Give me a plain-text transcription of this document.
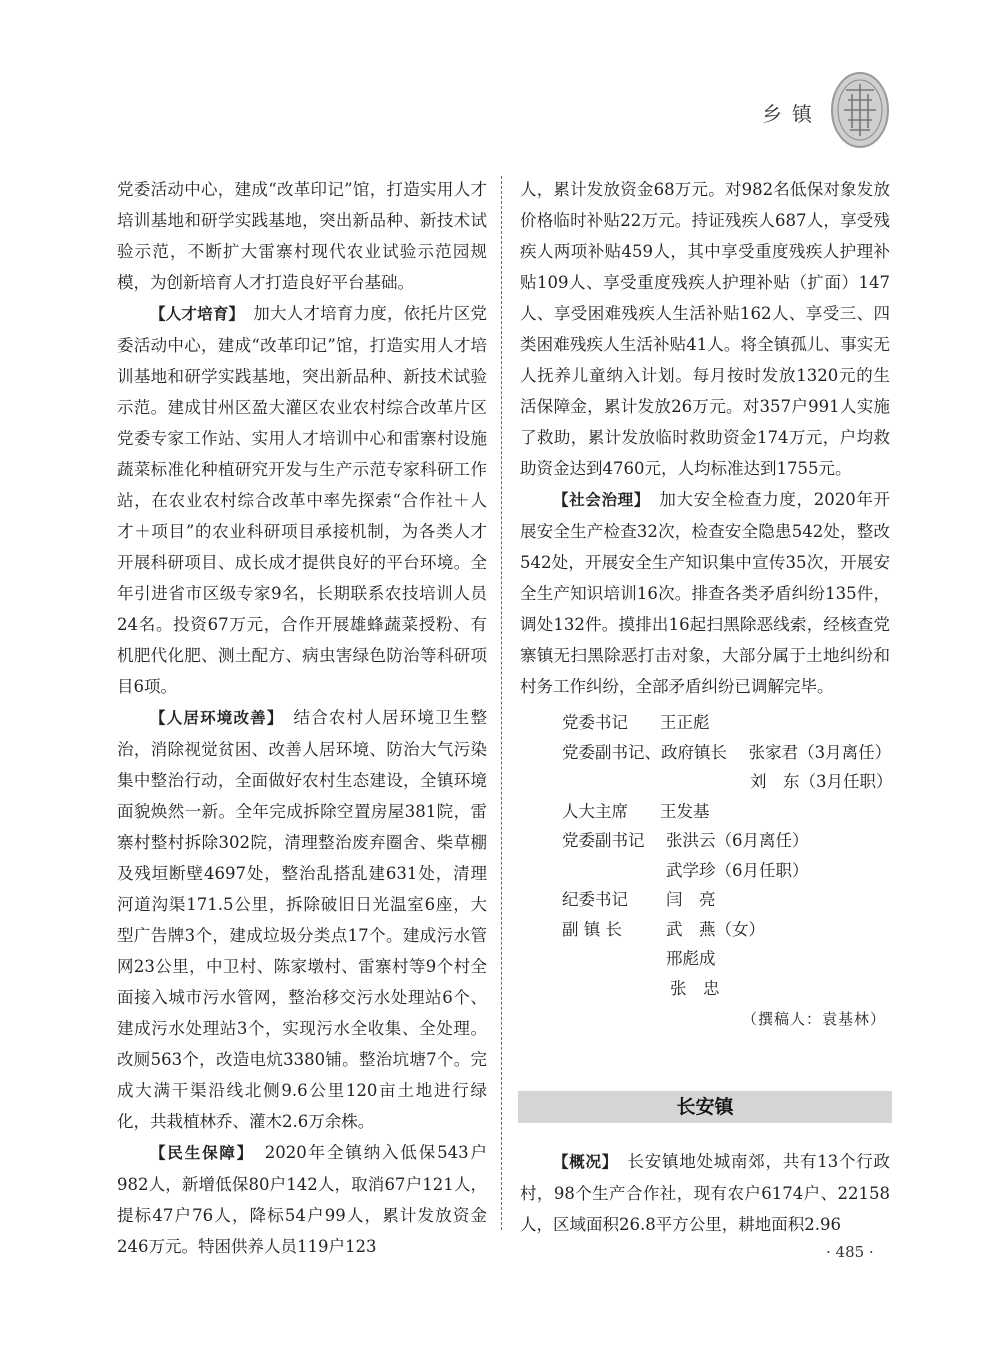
乡镇

党委活动中心，建成“改革印记”馆，打造实用人才培训基地和研学实践基地，突出新品种、新技术试验示范，不断扩大雷寨村现代农业试验示范园规模，为创新培育人才打造良好平台基础。

【人才培育】　 加大人才培育力度，依托片区党委活动中心，建成“改革印记”馆，打造实用人才培训基地和研学实践基地，突出新品种、新技术试验示范。建成甘州区盈大灌区农业农村综合改革片区党委专家工作站、实用人才培训中心和雷寨村设施蔬菜标准化种植研究开发与生产示范专家科研工作站，在农业农村综合改革中率先探索“合作社＋人才＋项目”的农业科研项目承接机制，为各类人才开展科研项目、成长成才提供良好的平台环境。全年引进省市区级专家9名，长期联系农技培训人员24名。投资67万元，合作开展雄蜂蔬菜授粉、有机肥代化肥、测土配方、病虫害绿色防治等科研项目6项。

【人居环境改善】　 结合农村人居环境卫生整治，消除视觉贫困、改善人居环境、防治大气污染集中整治行动，全面做好农村生态建设，全镇环境面貌焕然一新。全年完成拆除空置房屋381院，雷寨村整村拆除302院，清理整治废弃圈舍、柴草棚及残垣断壁4697处，整治乱搭乱建631处，清理河道沟渠171.5公里，拆除破旧日光温室6座，大型广告牌3个，建成垃圾分类点17个。建成污水管网23公里，中卫村、陈家墩村、雷寨村等9个村全面接入城市污水管网，整治移交污水处理站6个、建成污水处理站3个，实现污水全收集、全处理。改厕563个，改造电炕3380铺。整治坑塘7个。完成大满干渠沿线北侧9.6公里120亩土地进行绿化，共栽植林乔、灌木2.6万余株。

【民生保障】　 2020年全镇纳入低保543户982人，新增低保80户142人，取消67户121人，提标47户76人，降标54户99人，累计发放资金246万元。特困供养人员119户123

人，累计发放资金68万元。对982名低保对象发放价格临时补贴22万元。持证残疾人687人，享受残疾人两项补贴459人，其中享受重度残疾人护理补贴109人、享受重度残疾人护理补贴（扩面）147人、享受困难残疾人生活补贴162人、享受三、四类困难残疾人生活补贴41人。将全镇孤儿、事实无人抚养儿童纳入计划。每月按时发放1320元的生活保障金，累计发放26万元。对357户991人实施了救助，累计发放临时救助资金174万元，户均救助资金达到4760元，人均标准达到1755元。

【社会治理】　 加大安全检查力度，2020年开展安全生产检查32次，检查安全隐患542处，整改542处，开展安全生产知识集中宣传35次，开展安全生产知识培训16次。排查各类矛盾纠纷135件，调处132件。摸排出16起扫黑除恶线索，经核查党寨镇无扫黑除恶打击对象，大部分属于土地纠纷和村务工作纠纷，全部矛盾纠纷已调解完毕。

党委书记	王正彪
党委副书记、政府镇长	张家君（3月离任）
刘　东（3月任职）
人大主席	王发基
党委副书记	张洪云（6月离任）
武学珍（6月任职）
纪委书记	闫　亮
副 镇 长	武　燕（女）
邢彪成
张　忠
（撰稿人：袁基林）
长安镇

【概况】　 长安镇地处城南郊，共有13个行政村，98个生产合作社，现有农户6174户、22158人，区域面积26.8平方公里，耕地面积2.96

· 485 ·
